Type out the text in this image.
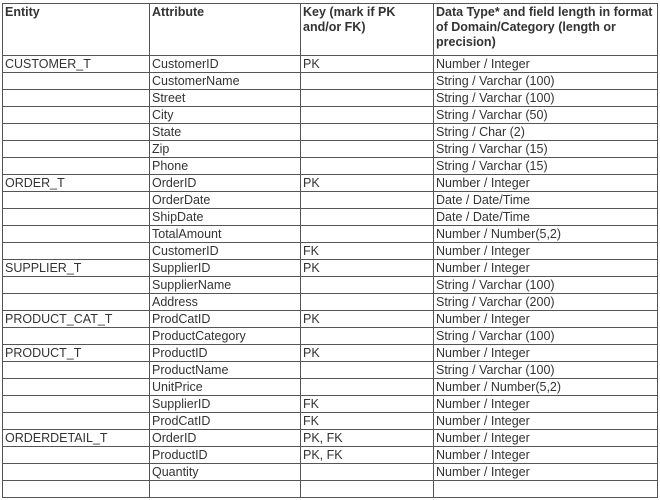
Entity	Attribute	Key (mark if PK and/or FK)	Data Type* and field length in format of Domain/Category (length or precision)
CUSTOMER_T	CustomerID	PK	Number / Integer
	CustomerName		String / Varchar (100)
	Street		String / Varchar (100)
	City		String / Varchar (50)
	State		String / Char (2)
	Zip		String / Varchar (15)
	Phone		String / Varchar (15)
ORDER_T	OrderID	PK	Number / Integer
	OrderDate		Date / Date/Time
	ShipDate		Date / Date/Time
	TotalAmount		Number / Number(5,2)
	CustomerID	FK	Number / Integer
SUPPLIER_T	SupplierID	PK	Number / Integer
	SupplierName		String / Varchar (100)
	Address		String / Varchar (200)
PRODUCT_CAT_T	ProdCatID	PK	Number / Integer
	ProductCategory		String / Varchar (100)
PRODUCT_T	ProductID	PK	Number / Integer
	ProductName		String / Varchar (100)
	UnitPrice		Number / Number(5,2)
	SupplierID	FK	Number / Integer
	ProdCatID	FK	Number / Integer
ORDERDETAIL_T	OrderID	PK, FK	Number / Integer
	ProductID	PK, FK	Number / Integer
	Quantity		Number / Integer
